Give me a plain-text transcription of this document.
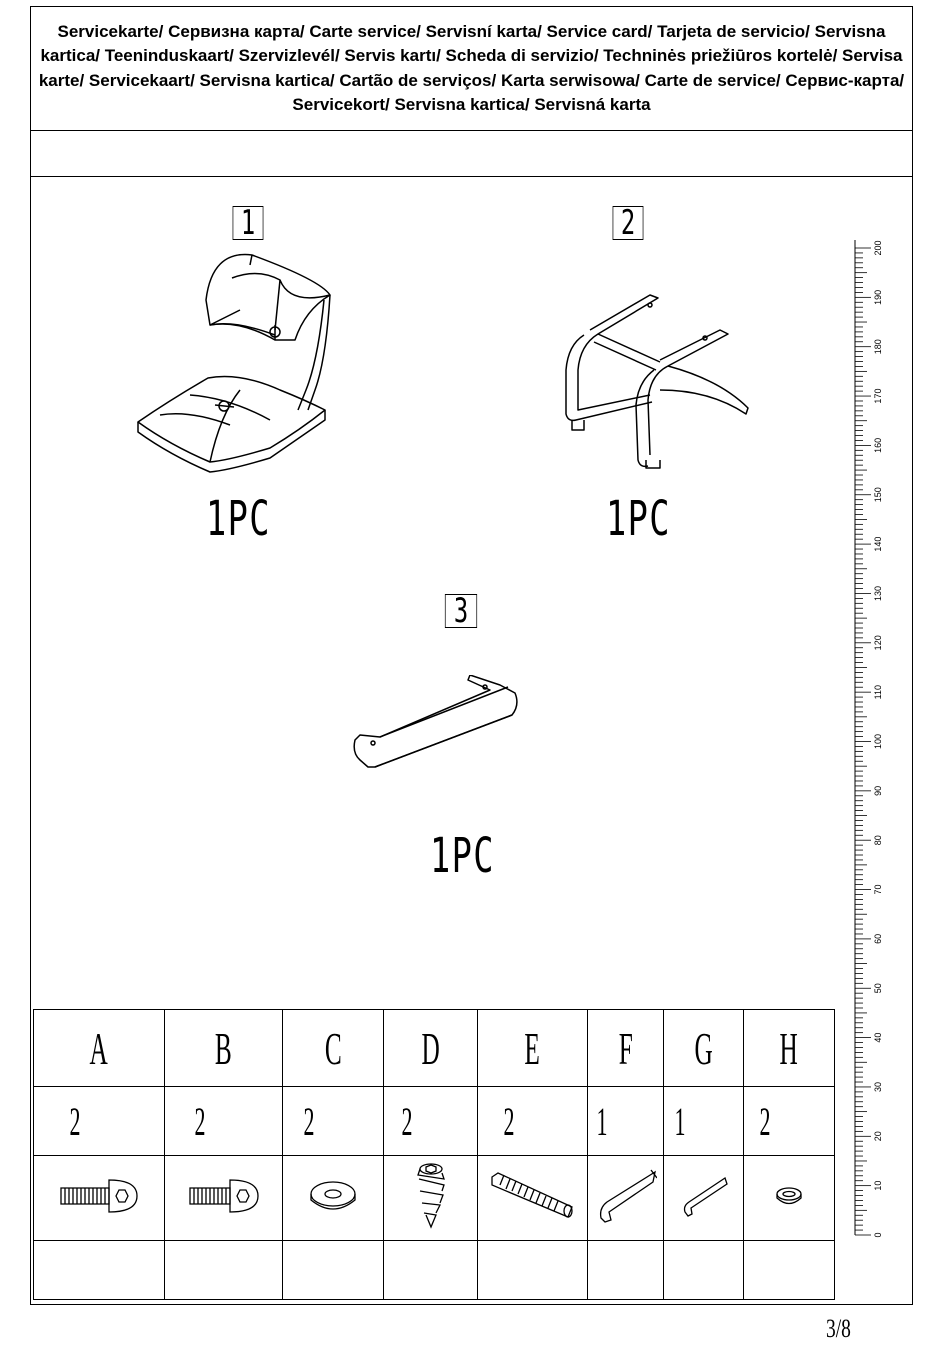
Servicekarte/ Сервизна карта/ Carte service/ Servisní karta/ Service card/ Tarjeta de servicio/ Servisna kartica/ Teeninduskaart/ Szervizlevél/ Servis kartı/ Scheda di servizio/ Techninės priežiūros kortelė/ Servisa karte/ Servicekaart/ Servisna kartica/ Cartão de serviços/ Karta serwisowa/ Carte de service/ Сервис-карта/ Servicekort/ Servisna kartica/ Servisná karta
1
1PC
2
1PC
3
1PC
A	B	C	D	E	F	G	H
2	2	2	2	2	1	1	2

0
10
20
30
40
50
60
70
80
90
100
110
120
130
140
150
160
170
180
190
200
3/8
